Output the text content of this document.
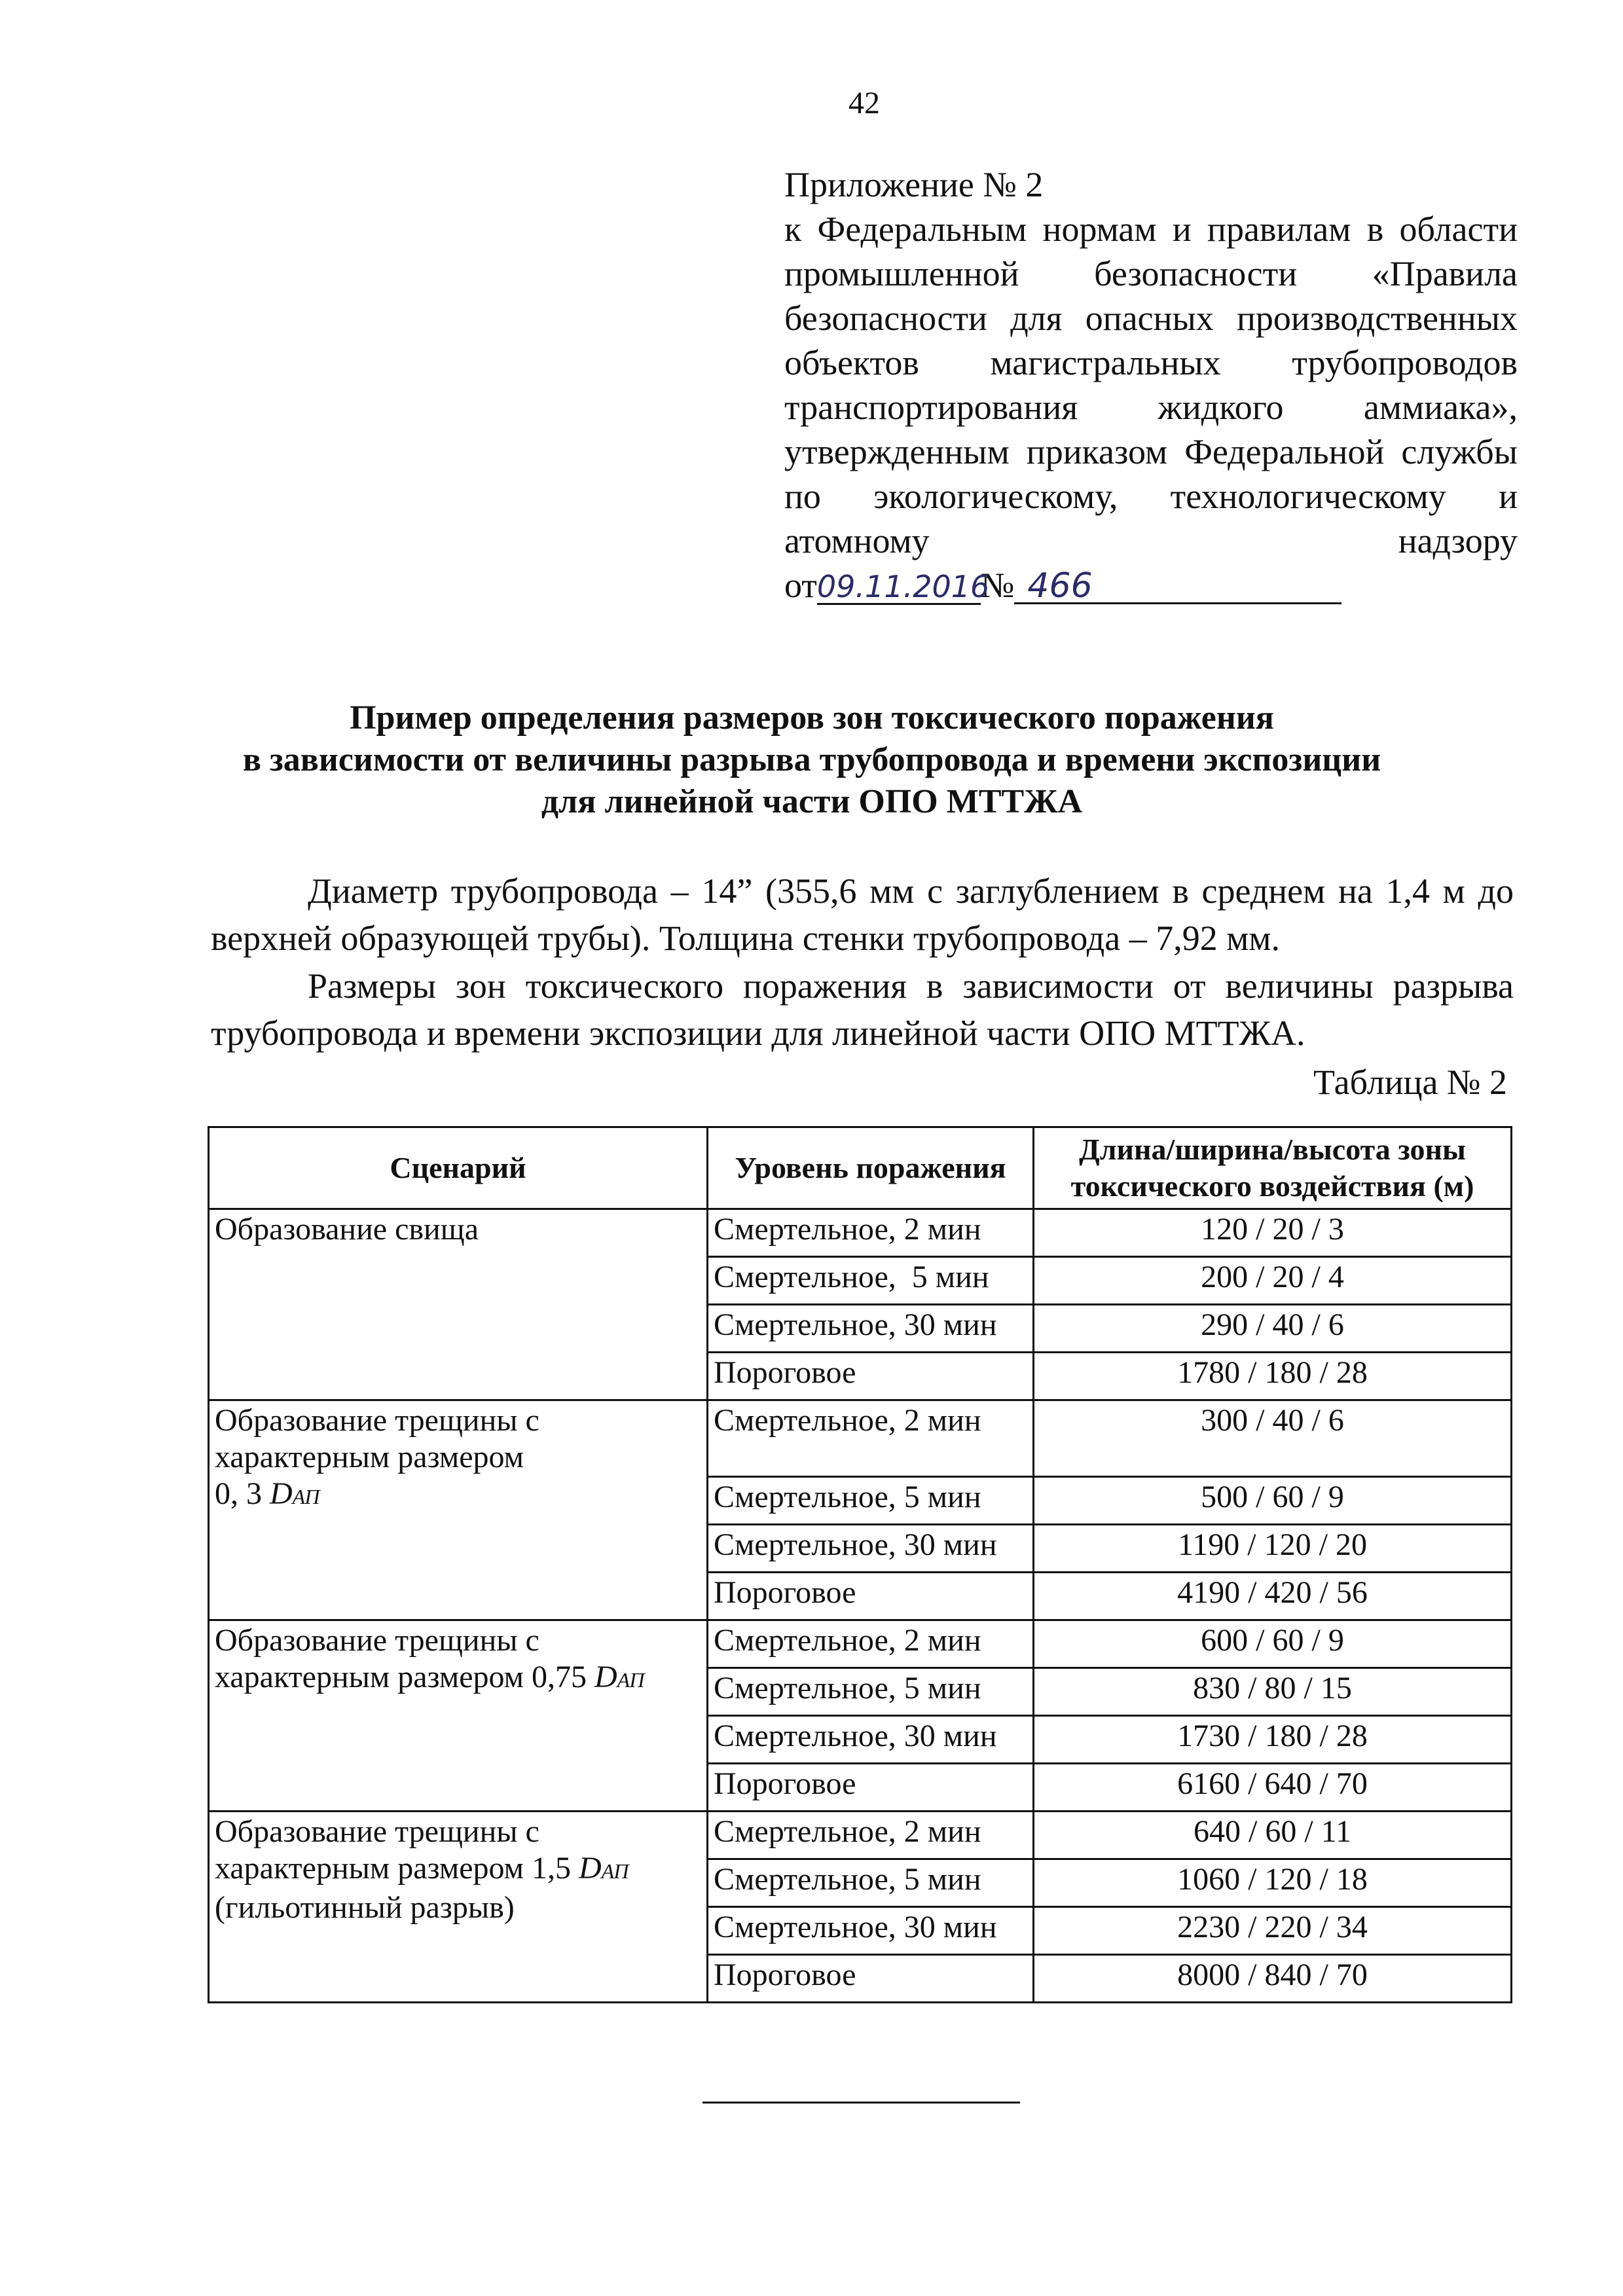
42
Приложение № 2
к Федеральным нормам и правилам в области промышленной безопасности «Правила безопасности для опасных производственных объектов магистральных трубопроводов транспортирования жидкого аммиака», утвержденным приказом Федеральной службы по экологическому, технологическому и атомному надзору
от 09.11.2016
№ 466
Пример определения размеров зон токсического поражения
в зависимости от величины разрыва трубопровода и времени экспозиции
для линейной части ОПО МТТЖА
Диаметр трубопровода – 14” (355,6 мм с заглублением в среднем на 1,4 м до верхней образующей трубы). Толщина стенки трубопровода – 7,92 мм.
Размеры зон токсического поражения в зависимости от величины разрыва трубопровода и времени экспозиции для линейной части ОПО МТТЖА.
Таблица № 2
Сценарий	Уровень поражения	Длина/ширина/высота зоны токсического воздействия (м)
Образование свища	Смертельное, 2 мин	120 / 20 / 3
	Смертельное,  5 мин	200 / 20 / 4
	Смертельное, 30 мин	290 / 40 / 6
	Пороговое	1780 / 180 / 28
Образование трещины с
характерным размером
0, 3 DАП	Смертельное, 2 мин	300 / 40 / 6
	Смертельное, 5 мин	500 / 60 / 9
	Смертельное, 30 мин	1190 / 120 / 20
	Пороговое	4190 / 420 / 56
Образование трещины с
характерным размером 0,75 DАП	Смертельное, 2 мин	600 / 60 / 9
	Смертельное, 5 мин	830 / 80 / 15
	Смертельное, 30 мин	1730 / 180 / 28
	Пороговое	6160 / 640 / 70
Образование трещины с
характерным размером 1,5 DАП
(гильотинный разрыв)	Смертельное, 2 мин	640 / 60 / 11
	Смертельное, 5 мин	1060 / 120 / 18
	Смертельное, 30 мин	2230 / 220 / 34
	Пороговое	8000 / 840 / 70
